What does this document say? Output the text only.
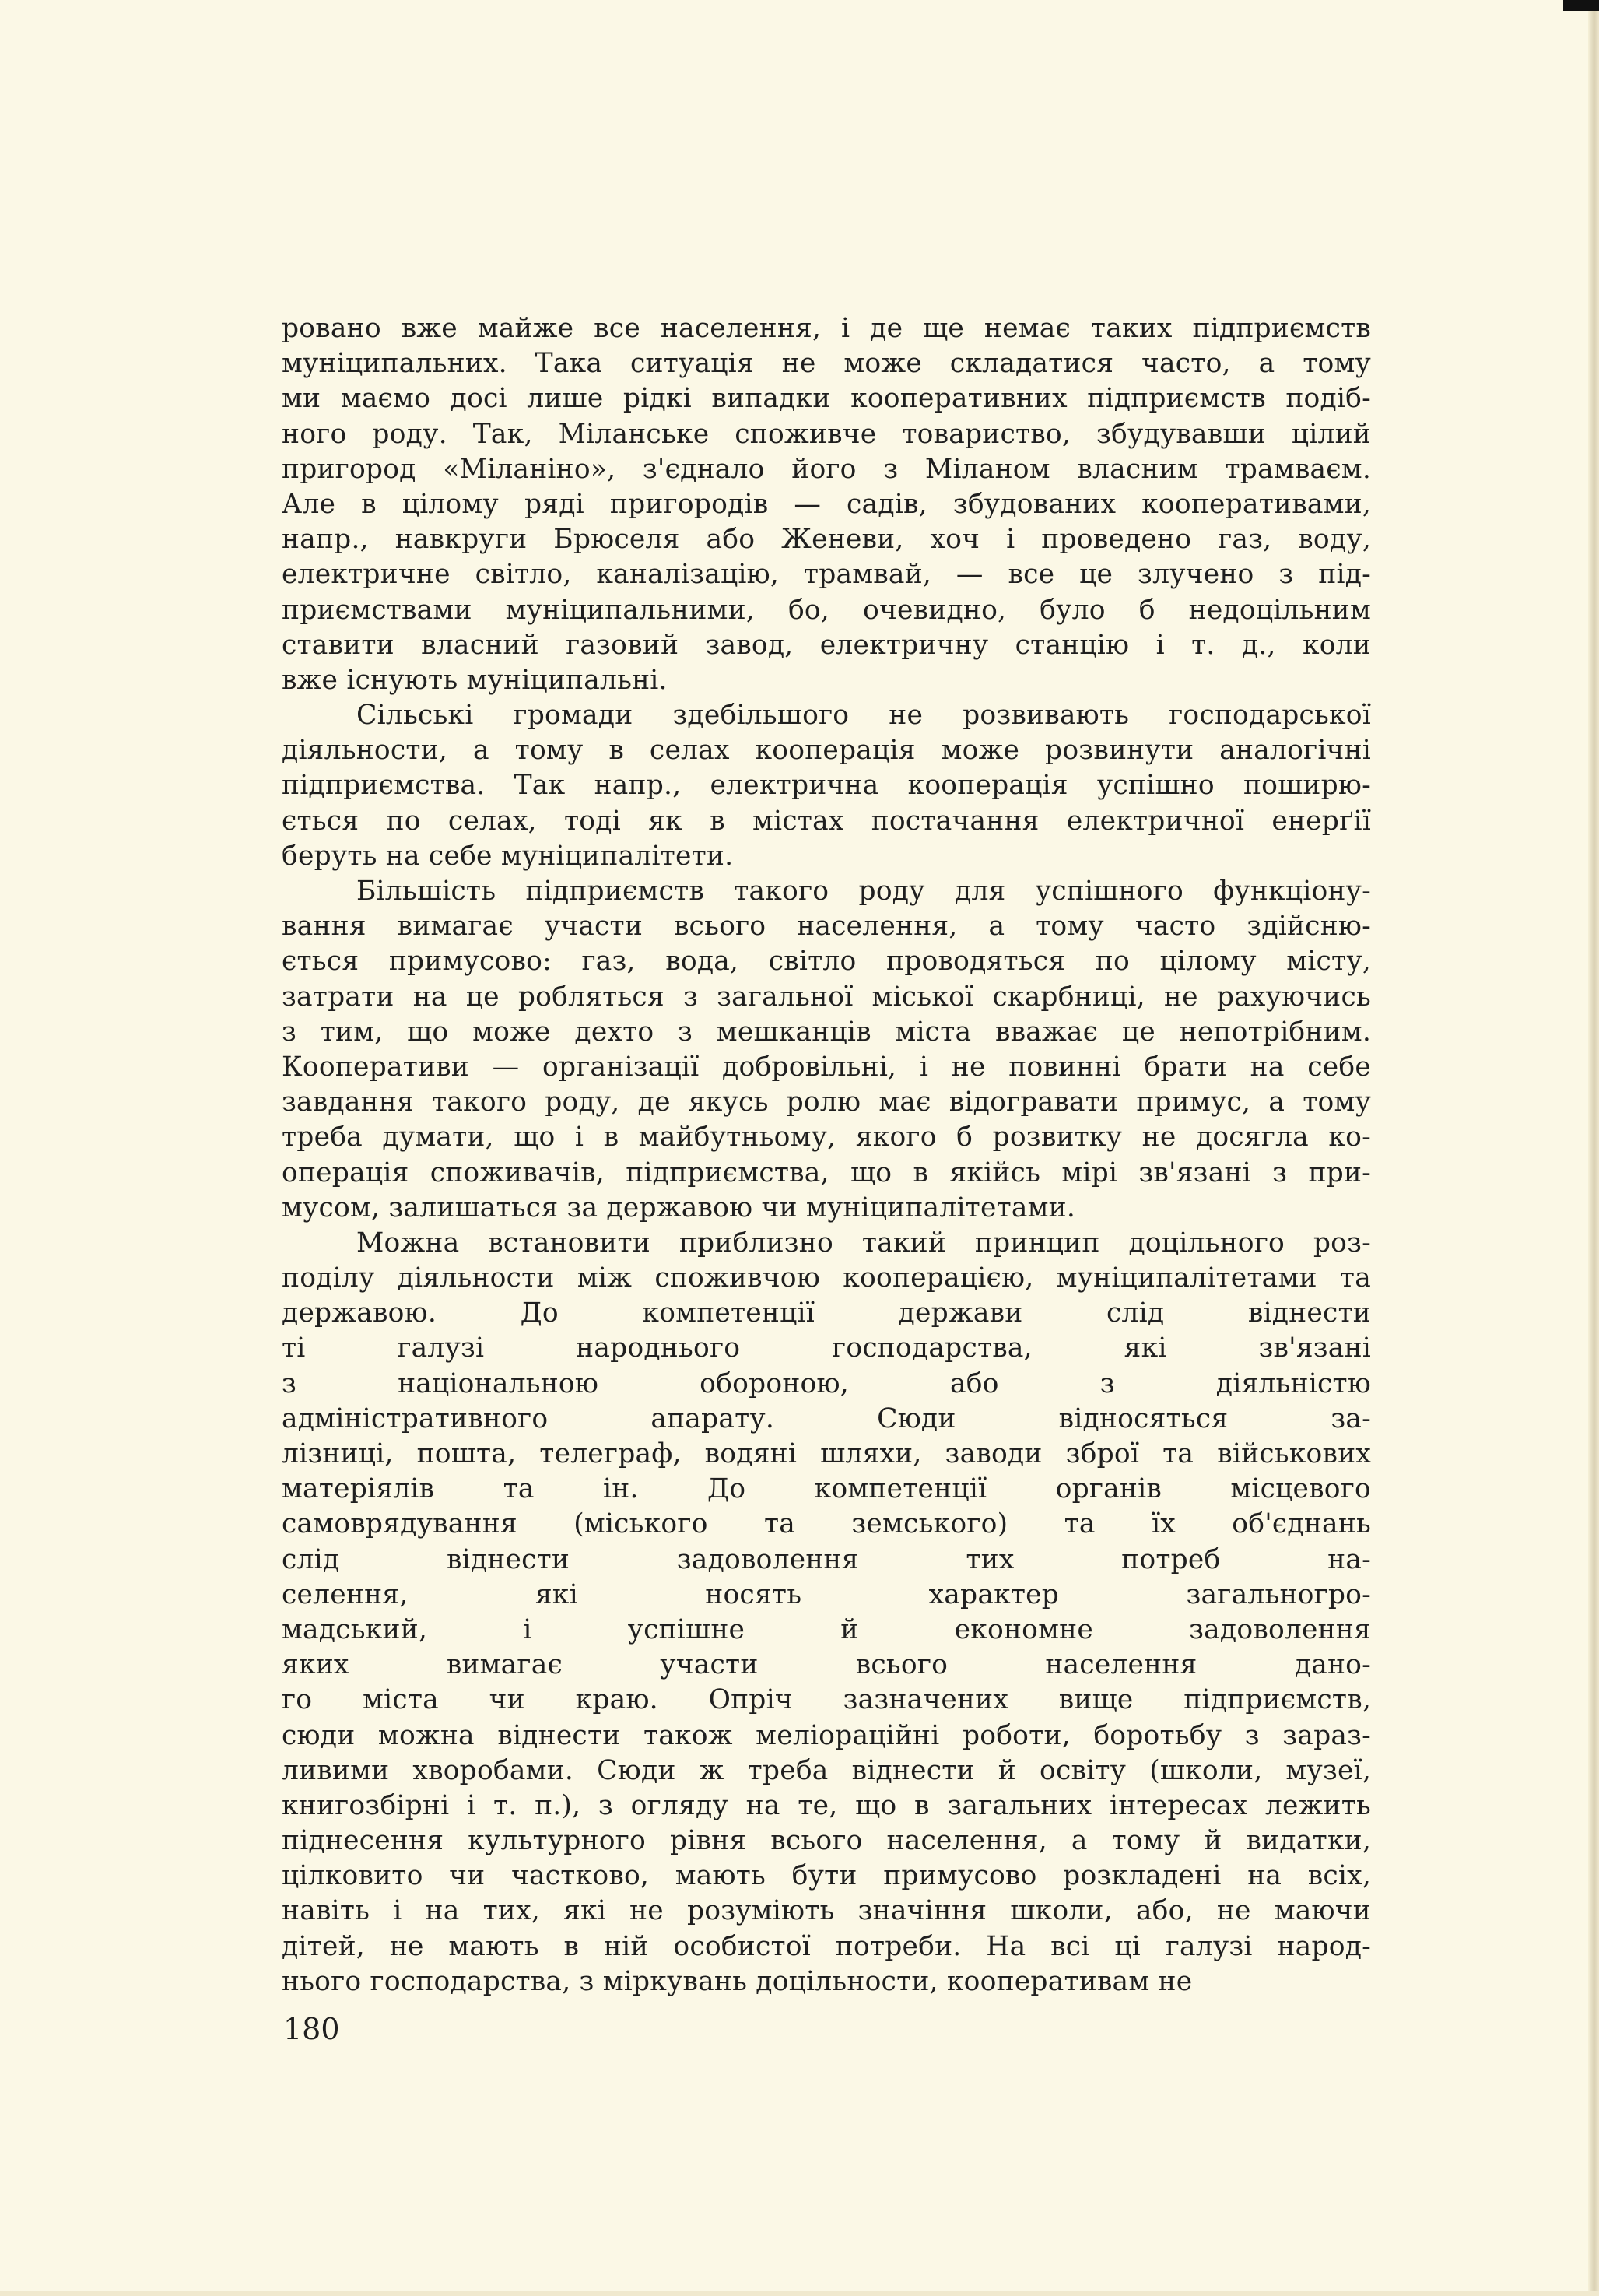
ровано вже майже все населення, і де ще немає таких підприємств
муніципальних. Така ситуація не може складатися часто, а тому
ми маємо досі лише рідкі випадки кооперативних підприємств подіб-
ного роду. Так, Міланське споживче товариство, збудувавши цілий
пригород «Міланіно», з'єднало його з Міланом власним трамваєм.
Але в цілому ряді пригородів — садів, збудованих кооперативами,
напр., навкруги Брюселя або Женеви, хоч і проведено газ, воду,
електричне світло, каналізацію, трамвай, — все це злучено з під-
приємствами муніципальними, бо, очевидно, було б недоцільним
ставити власний газовий завод, електричну станцію і т. д., коли
вже існують муніципальні.
Сільські громади здебільшого не розвивають господарської
діяльности, а тому в селах кооперація може розвинути аналогічні
підприємства. Так напр., електрична кооперація успішно поширю-
ється по селах, тоді як в містах постачання електричної енерґії
беруть на себе муніципалітети.
Більшість підприємств такого роду для успішного функціону-
вання вимагає участи всього населення, а тому часто здійсню-
ється примусово: газ, вода, світло проводяться по цілому місту,
затрати на це робляться з загальної міської скарбниці, не рахуючись
з тим, що може дехто з мешканців міста вважає це непотрібним.
Кооперативи — організації добровільні, і не повинні брати на себе
завдання такого роду, де якусь ролю має відогравати примус, а тому
треба думати, що і в майбутньому, якого б розвитку не досягла ко-
операція споживачів, підприємства, що в якійсь мірі зв'язані з при-
мусом, залишаться за державою чи муніципалітетами.
Можна встановити приблизно такий принцип доцільного роз-
поділу діяльности між споживчою кооперацією, муніципалітетами та
державою. До компетенції держави слід віднести
ті галузі народнього господарства, які зв'язані
з національною обороною, або з діяльністю
адміністративного апарату. Сюди відносяться за-
лізниці, пошта, телеграф, водяні шляхи, заводи зброї та військових
матеріялів та ін. До компетенції органів місцевого
самоврядування (міського та земського) та їх об'єднань
слід віднести задоволення тих потреб на-
селення, які носять характер загальногро-
мадський, і успішне й економне задоволення
яких вимагає участи всього населення дано-
го міста чи краю. Опріч зазначених вище підприємств,
сюди можна віднести також меліораційні роботи, боротьбу з зараз-
ливими хворобами. Сюди ж треба віднести й освіту (школи, музеї,
книгозбірні і т. п.), з огляду на те, що в загальних інтересах лежить
піднесення культурного рівня всього населення, а тому й видатки,
цілковито чи частково, мають бути примусово розкладені на всіх,
навіть і на тих, які не розуміють значіння школи, або, не маючи
дітей, не мають в ній особистої потреби. На всі ці галузі народ-
нього господарства, з міркувань доцільности, кооперативам не
180
